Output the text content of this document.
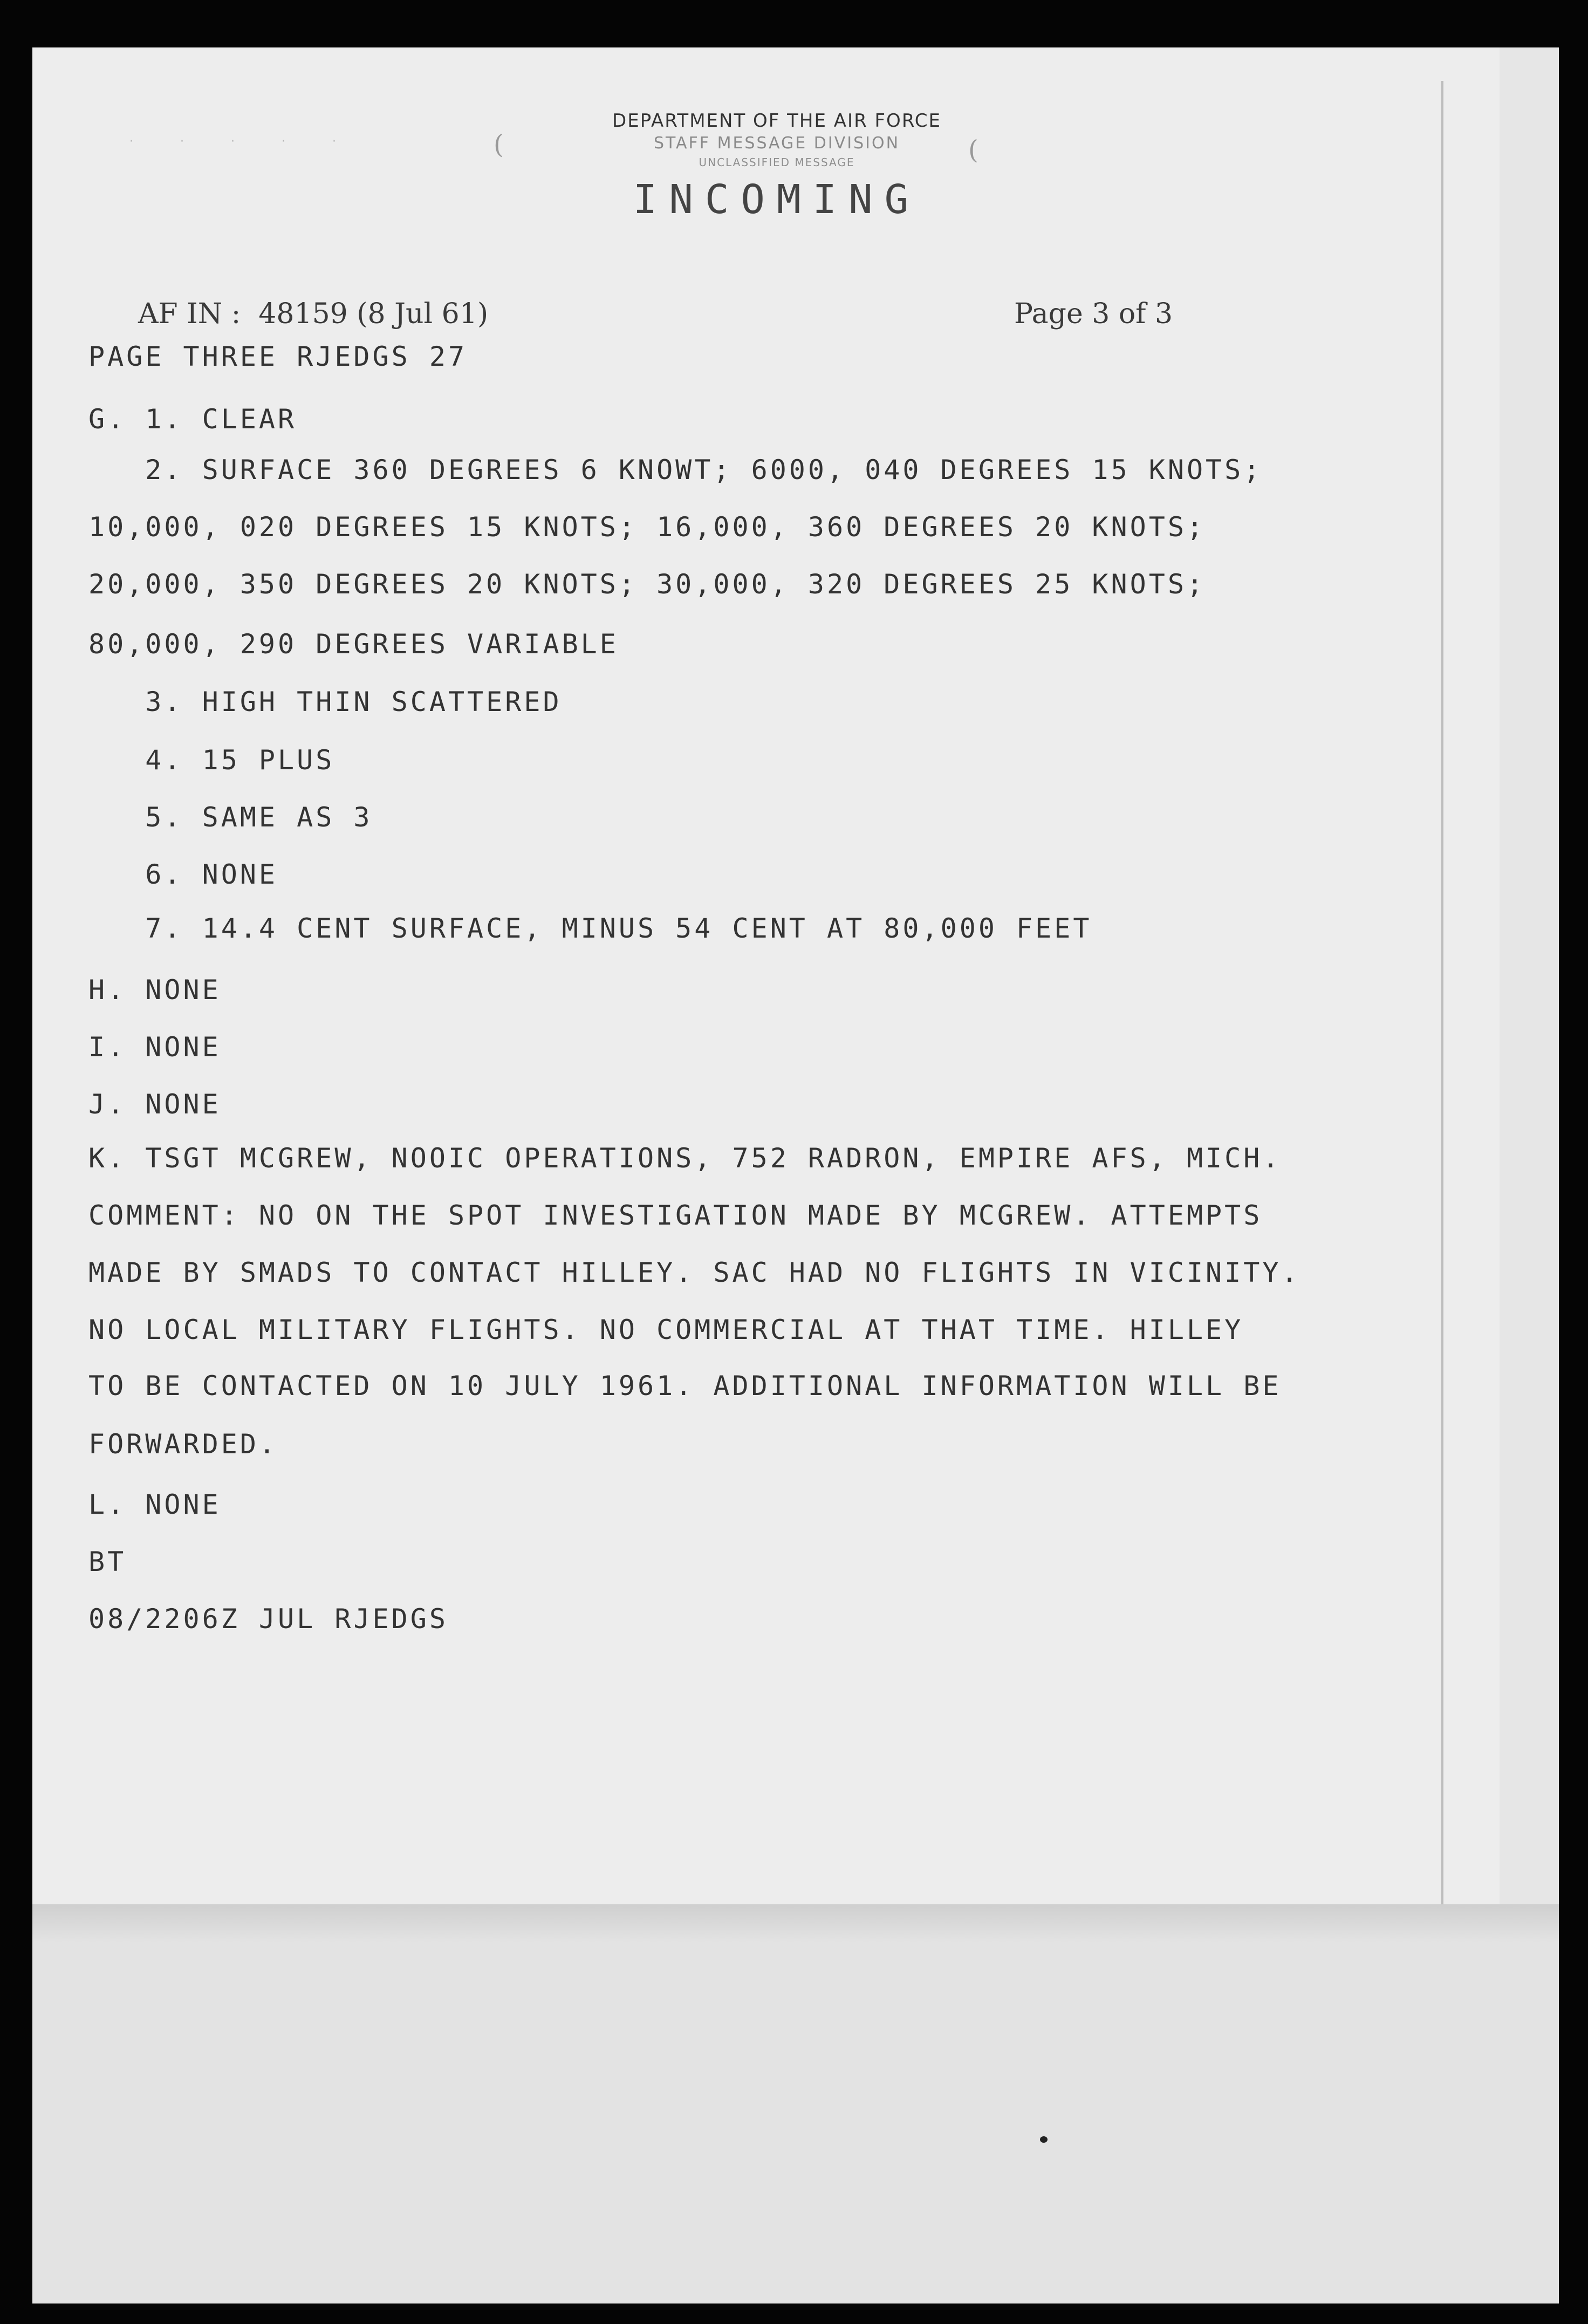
· · · · ·	(	(
DEPARTMENT OF THE AIR FORCE
STAFF MESSAGE DIVISION
UNCLASSIFIED MESSAGE
INCOMING
AF IN :  48159 (8 Jul 61)	Page 3 of 3
PAGE THREE RJEDGS 27
G. 1. CLEAR
2. SURFACE 360 DEGREES 6 KNOWT; 6000, 040 DEGREES 15 KNOTS;
10,000, 020 DEGREES 15 KNOTS; 16,000, 360 DEGREES 20 KNOTS;
20,000, 350 DEGREES 20 KNOTS; 30,000, 320 DEGREES 25 KNOTS;
80,000, 290 DEGREES VARIABLE
3. HIGH THIN SCATTERED
4. 15 PLUS
5. SAME AS 3
6. NONE
7. 14.4 CENT SURFACE, MINUS 54 CENT AT 80,000 FEET
H. NONE
I. NONE
J. NONE
K. TSGT MCGREW, NOOIC OPERATIONS, 752 RADRON, EMPIRE AFS, MICH.
COMMENT: NO ON THE SPOT INVESTIGATION MADE BY MCGREW. ATTEMPTS
MADE BY SMADS TO CONTACT HILLEY. SAC HAD NO FLIGHTS IN VICINITY.
NO LOCAL MILITARY FLIGHTS. NO COMMERCIAL AT THAT TIME. HILLEY
TO BE CONTACTED ON 10 JULY 1961. ADDITIONAL INFORMATION WILL BE
FORWARDED.
L. NONE
BT
08/2206Z JUL RJEDGS
